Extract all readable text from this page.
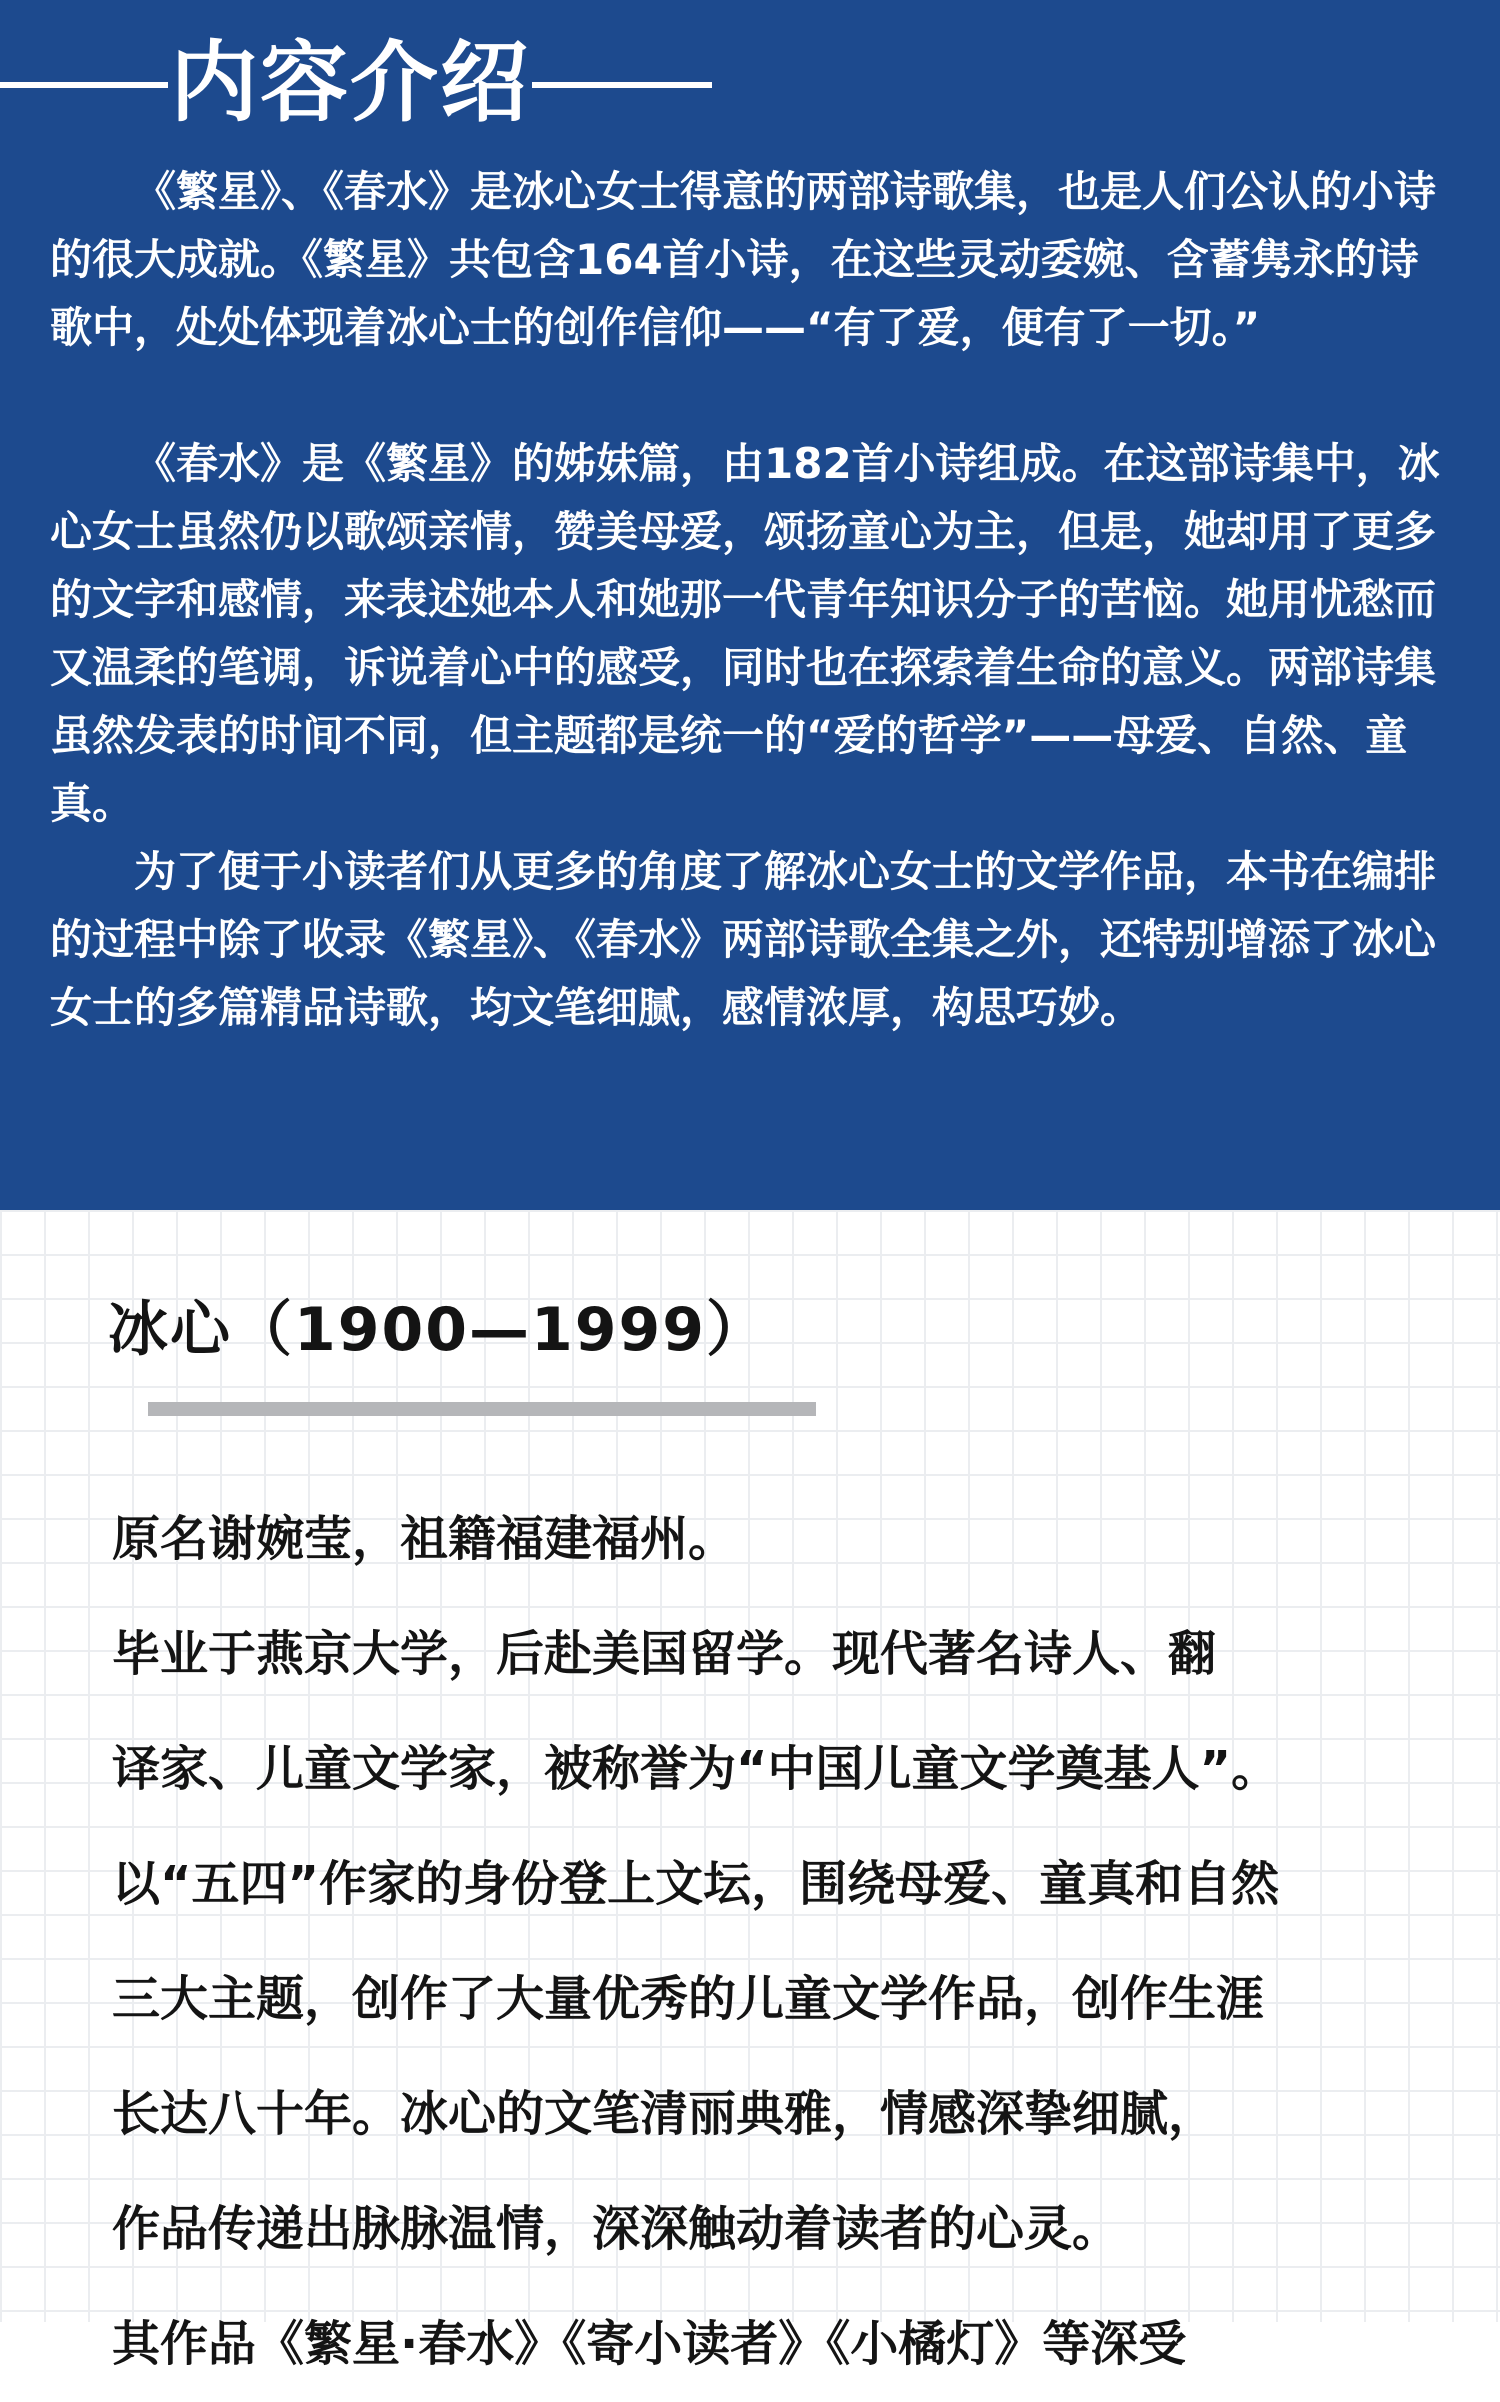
内容介绍

《繁星》、《春水》是冰心女士得意的两部诗歌集，也是人们公认的小诗的很大成就。《繁星》共包含164首小诗，在这些灵动委婉、含蓄隽永的诗歌中，处处体现着冰心士的创作信仰——“有了爱，便有了一切。”

《春水》是《繁星》的姊妹篇，由182首小诗组成。在这部诗集中，冰心女士虽然仍以歌颂亲情，赞美母爱，颂扬童心为主，但是，她却用了更多的文字和感情，来表述她本人和她那一代青年知识分子的苦恼。她用忧愁而又温柔的笔调，诉说着心中的感受，同时也在探索着生命的意义。两部诗集虽然发表的时间不同，但主题都是统一的“爱的哲学”——母爱、自然、童真。

为了便于小读者们从更多的角度了解冰心女士的文学作品，本书在编排的过程中除了收录《繁星》、《春水》两部诗歌全集之外，还特别增添了冰心女士的多篇精品诗歌，均文笔细腻，感情浓厚，构思巧妙。

冰心（1900—1999）

原名谢婉莹，祖籍福建福州。

毕业于燕京大学，后赴美国留学。现代著名诗人、翻

译家、儿童文学家，被称誉为“中国儿童文学奠基人”。

以“五四”作家的身份登上文坛，围绕母爱、童真和自然

三大主题，创作了大量优秀的儿童文学作品，创作生涯

长达八十年。冰心的文笔清丽典雅，情感深挚细腻，

作品传递出脉脉温情，深深触动着读者的心灵。

其作品《繁星·春水》《寄小读者》《小橘灯》等深受
